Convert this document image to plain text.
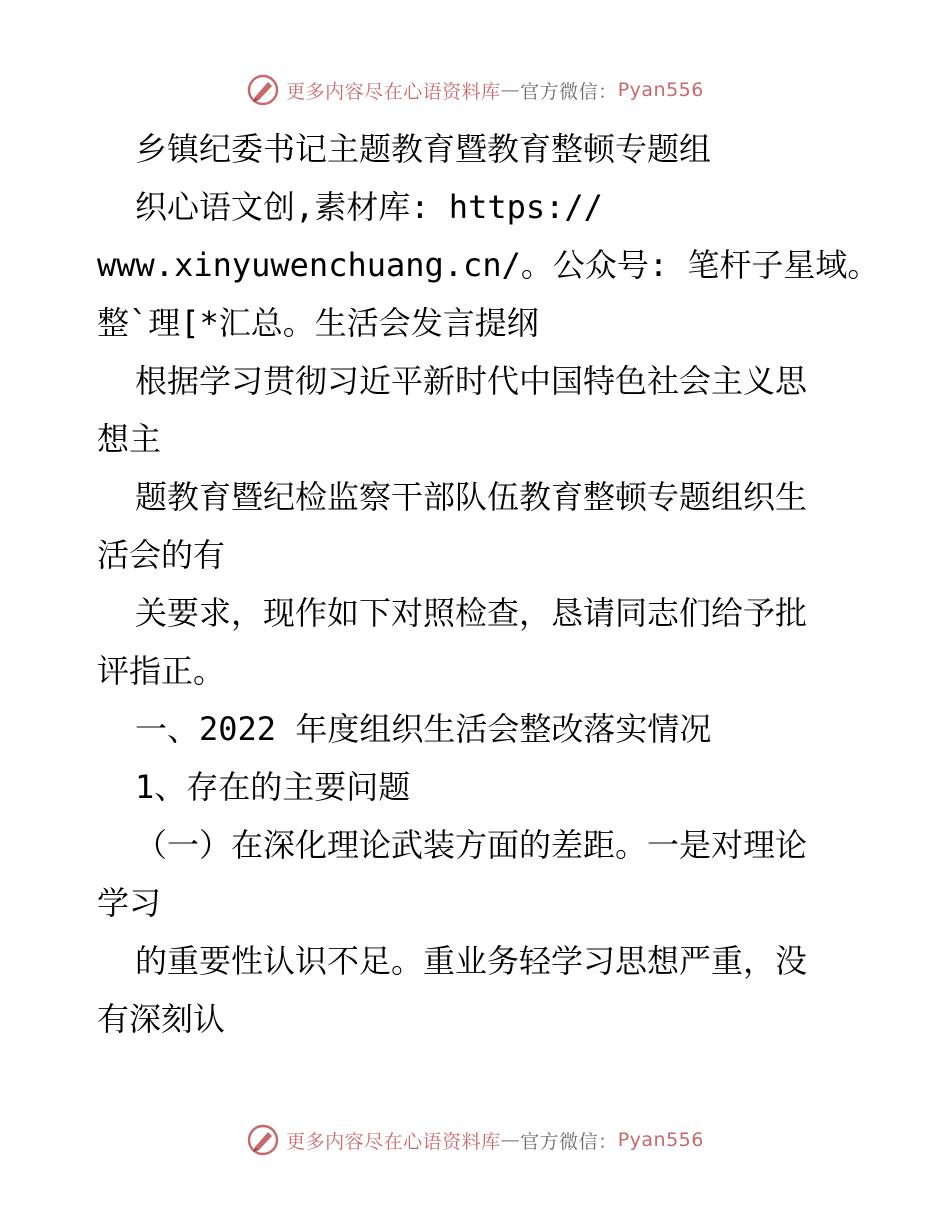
更多内容尽在心语资料库 — 官方微信： Pyan556
乡镇纪委书记主题教育暨教育整顿专题组
织心语文创,素材库: https://
www.xinyuwenchuang.cn/。公众号: 笔杆子星域。
整`理[*汇总。生活会发言提纲
根据学习贯彻习近平新时代中国特色社会主义思
想主
题教育暨纪检监察干部队伍教育整顿专题组织生
活会的有
关要求，现作如下对照检查，恳请同志们给予批
评指正。
一、2022 年度组织生活会整改落实情况
1、存在的主要问题
（一）在深化理论武装方面的差距。一是对理论
学习
的重要性认识不足。重业务轻学习思想严重，没
有深刻认
更多内容尽在心语资料库 — 官方微信： Pyan556
